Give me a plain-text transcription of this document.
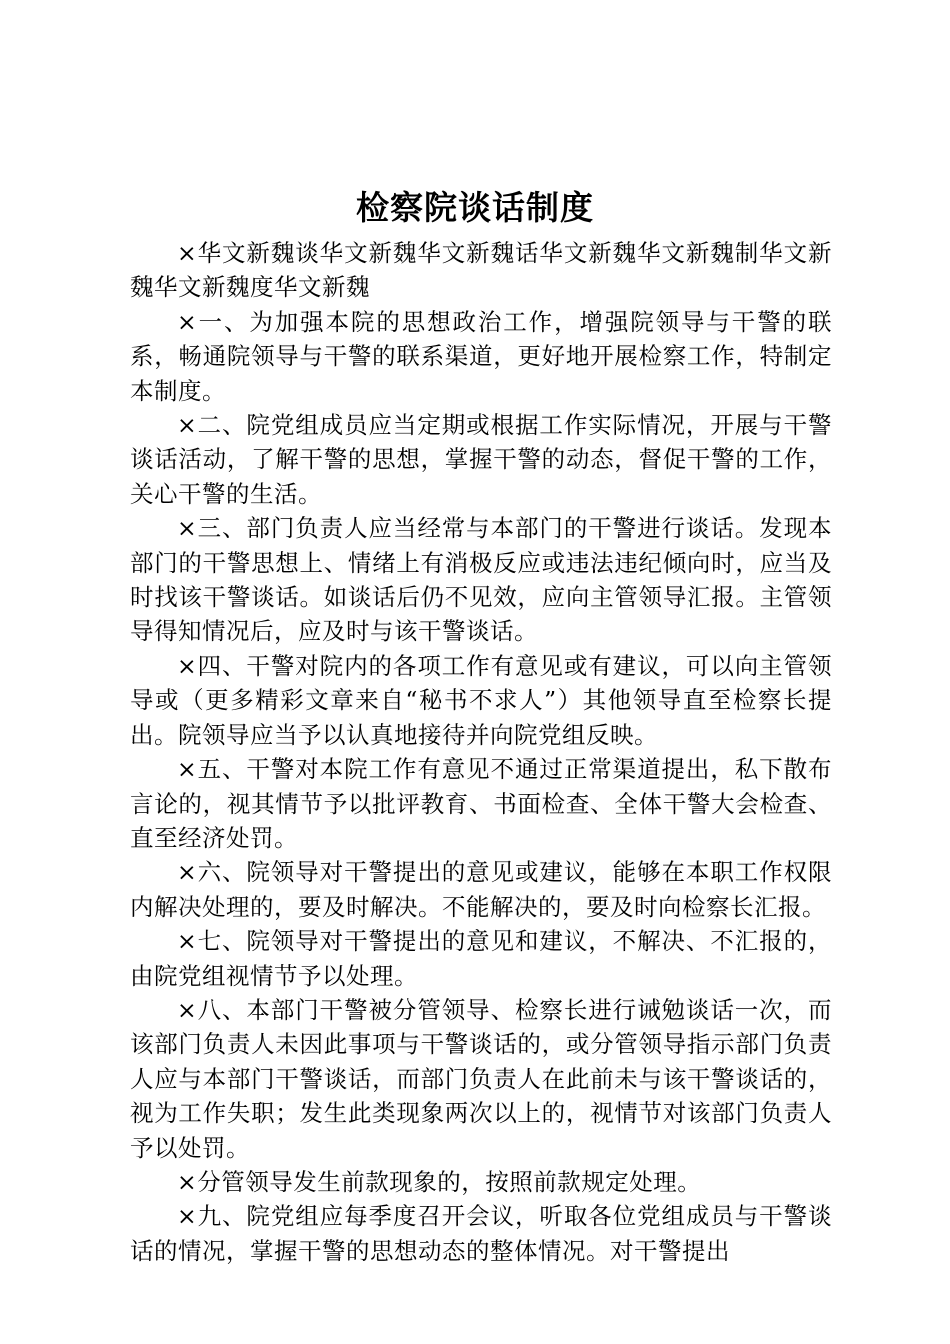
检察院谈话制度

×华文新魏谈华文新魏华文新魏话华文新魏华文新魏制华文新魏华文新魏度华文新魏

×一、为加强本院的思想政治工作，增强院领导与干警的联系，畅通院领导与干警的联系渠道，更好地开展检察工作，特制定本制度。

×二、院党组成员应当定期或根据工作实际情况，开展与干警谈话活动，了解干警的思想，掌握干警的动态，督促干警的工作，关心干警的生活。

×三、部门负责人应当经常与本部门的干警进行谈话。发现本部门的干警思想上、情绪上有消极反应或违法违纪倾向时，应当及时找该干警谈话。如谈话后仍不见效，应向主管领导汇报。主管领导得知情况后，应及时与该干警谈话。

×四、干警对院内的各项工作有意见或有建议，可以向主管领导或（更多精彩文章来自“秘书不求人”）其他领导直至检察长提出。院领导应当予以认真地接待并向院党组反映。

×五、干警对本院工作有意见不通过正常渠道提出，私下散布言论的，视其情节予以批评教育、书面检查、全体干警大会检查、直至经济处罚。

×六、院领导对干警提出的意见或建议，能够在本职工作权限内解决处理的，要及时解决。不能解决的，要及时向检察长汇报。

×七、院领导对干警提出的意见和建议，不解决、不汇报的，由院党组视情节予以处理。

×八、本部门干警被分管领导、检察长进行诫勉谈话一次，而该部门负责人未因此事项与干警谈话的，或分管领导指示部门负责人应与本部门干警谈话，而部门负责人在此前未与该干警谈话的，视为工作失职；发生此类现象两次以上的，视情节对该部门负责人予以处罚。

×分管领导发生前款现象的，按照前款规定处理。

×九、院党组应每季度召开会议，听取各位党组成员与干警谈话的情况，掌握干警的思想动态的整体情况。对干警提出
